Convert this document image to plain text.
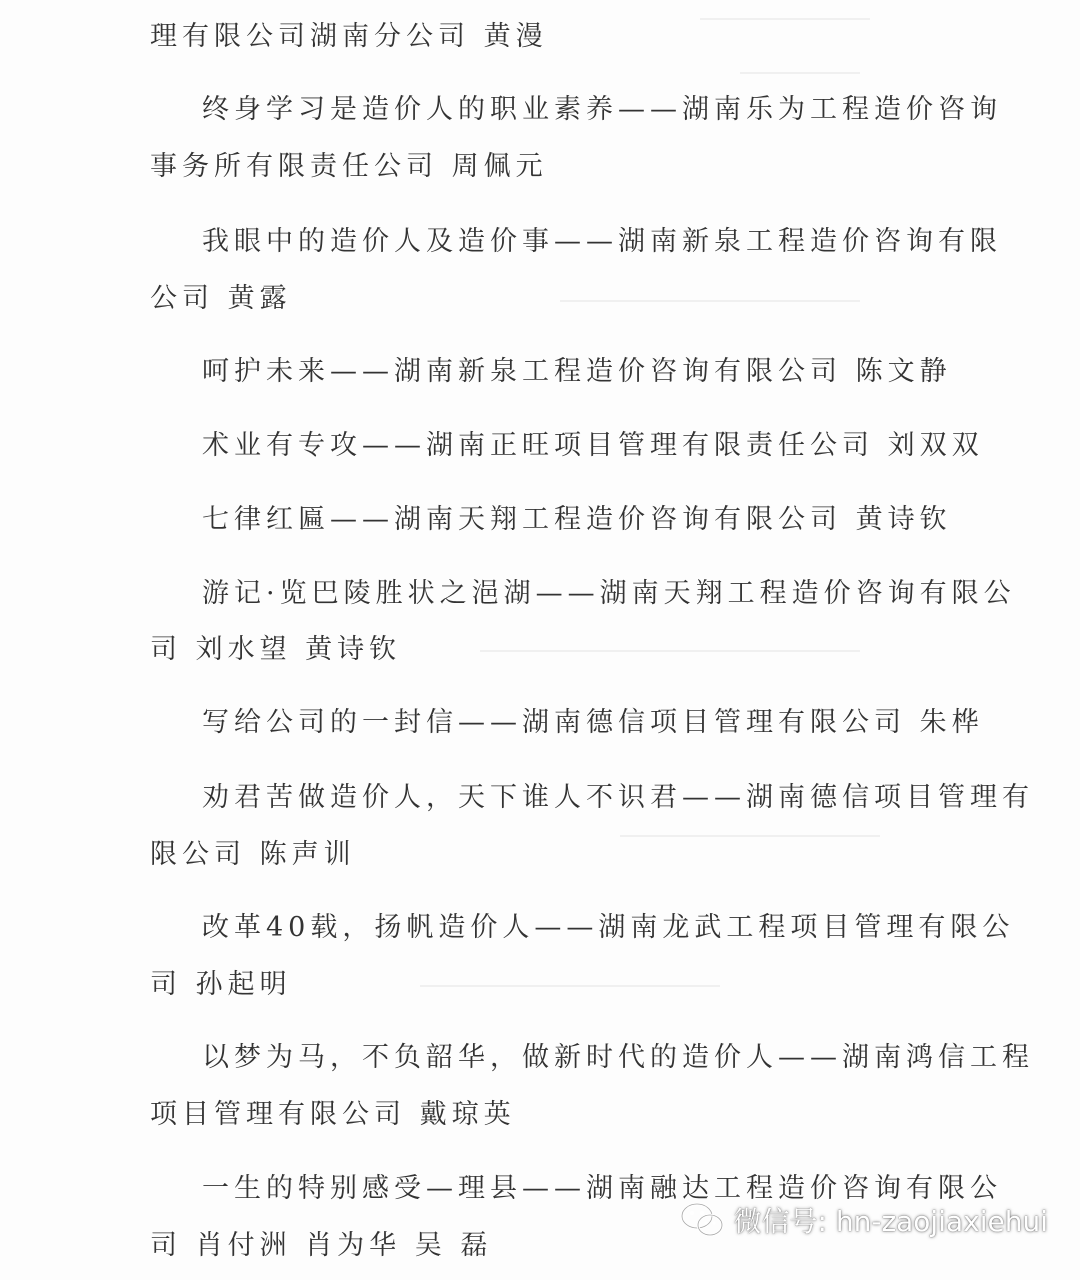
理有限公司湖南分公司 黄漫
终身学习是造价人的职业素养——湖南乐为工程造价咨询
事务所有限责任公司 周佩元
我眼中的造价人及造价事——湖南新泉工程造价咨询有限
公司 黄露
呵护未来——湖南新泉工程造价咨询有限公司 陈文静
术业有专攻——湖南正旺项目管理有限责任公司 刘双双
七律红匾——湖南天翔工程造价咨询有限公司 黄诗钦
游记·览巴陵胜状之浥湖——湖南天翔工程造价咨询有限公
司 刘水望 黄诗钦
写给公司的一封信——湖南德信项目管理有限公司 朱桦
劝君苦做造价人，天下谁人不识君——湖南德信项目管理有
限公司 陈声训
改革40载，扬帆造价人——湖南龙武工程项目管理有限公
司 孙起明
以梦为马，不负韶华，做新时代的造价人——湖南鸿信工程
项目管理有限公司 戴琼英
一生的特别感受—理县——湖南融达工程造价咨询有限公
司 肖付洲 肖为华 吴 磊
微信号: hn-zaojiaxiehui
